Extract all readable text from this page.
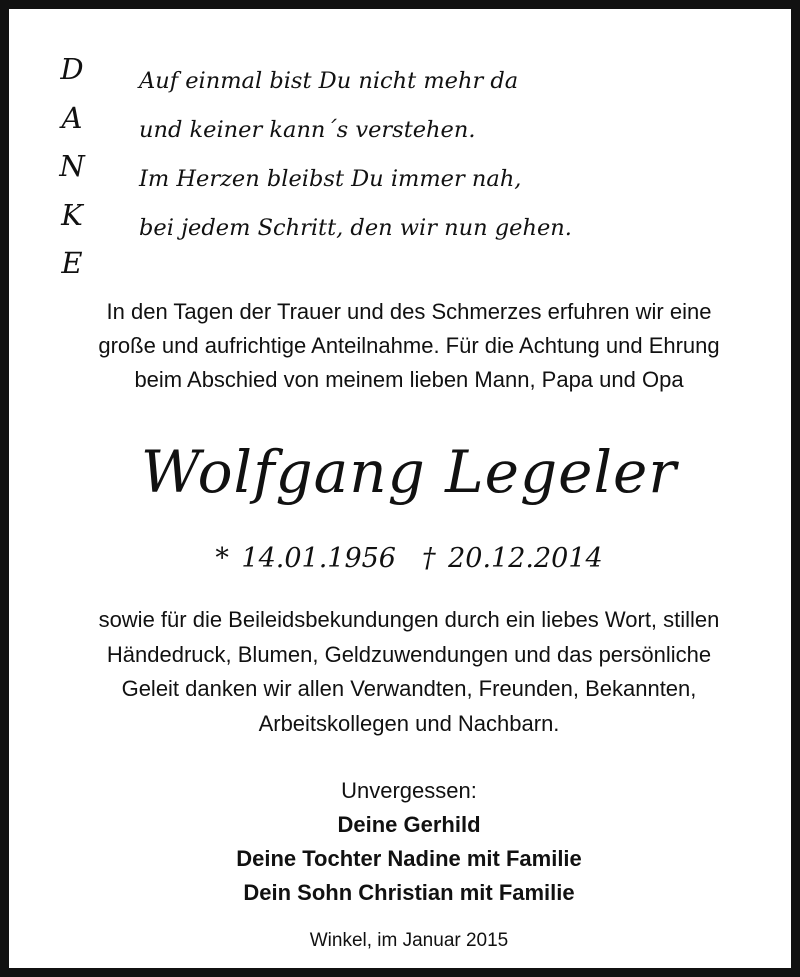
D
A
N
K
E
Auf einmal bist Du nicht mehr da
und keiner kann´s verstehen.
Im Herzen bleibst Du immer nah,
bei jedem Schritt, den wir nun gehen.
In den Tagen der Trauer und des Schmerzes erfuhren wir eine
große und aufrichtige Anteilnahme. Für die Achtung und Ehrung
beim Abschied von meinem lieben Mann, Papa und Opa
Wolfgang Legeler
* 14.01.1956 † 20.12.2014
sowie für die Beileidsbekundungen durch ein liebes Wort, stillen
Händedruck, Blumen, Geldzuwendungen und das persönliche
Geleit danken wir allen Verwandten, Freunden, Bekannten,
Arbeitskollegen und Nachbarn.
Unvergessen:
Deine Gerhild
Deine Tochter Nadine mit Familie
Dein Sohn Christian mit Familie
Winkel, im Januar 2015
